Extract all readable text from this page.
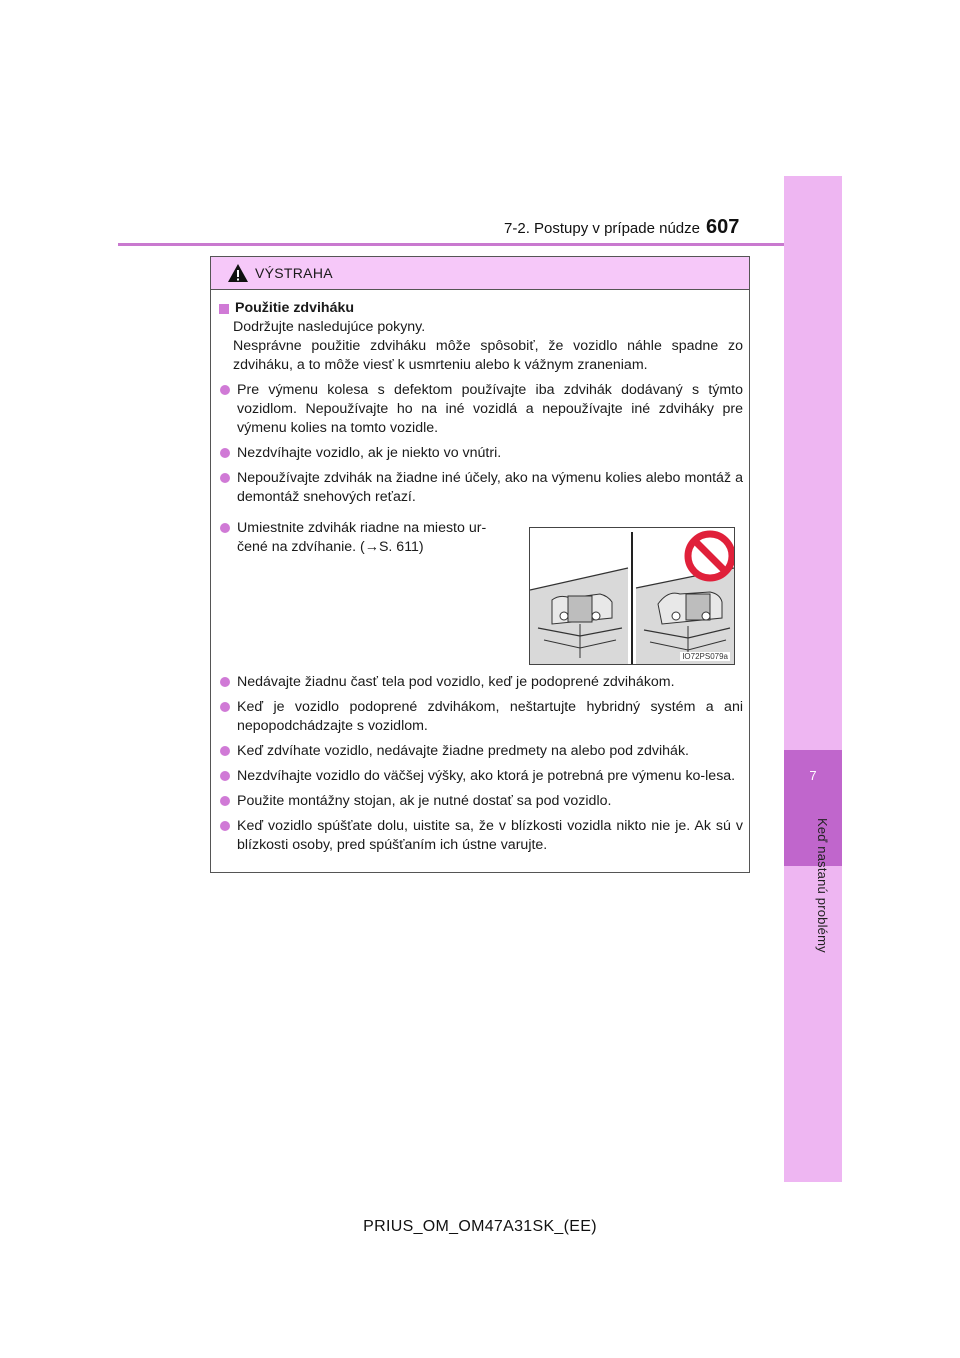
7
Keď nastanú problémy
7-2. Postupy v prípade núdze 607
VÝSTRAHA
Použitie zdviháku
Dodržujte nasledujúce pokyny.
Nesprávne použitie zdviháku môže spôsobiť, že vozidlo náhle spadne zo zdviháku, a to môže viesť k usmrteniu alebo k vážnym zraneniam.
Pre výmenu kolesa s defektom používajte iba zdvihák dodávaný s týmto vozidlom. Nepoužívajte ho na iné vozidlá a nepoužívajte iné zdviháky pre výmenu kolies na tomto vozidle.
Nezdvíhajte vozidlo, ak je niekto vo vnútri.
Nepoužívajte zdvihák na žiadne iné účely, ako na výmenu kolies alebo montáž a demontáž snehových reťazí.
Umiestnite zdvihák riadne na miesto ur-čené na zdvíhanie. (→S. 611)
IO72PS079a
Nedávajte žiadnu časť tela pod vozidlo, keď je podoprené zdvihákom.
Keď je vozidlo podoprené zdvihákom, neštartujte hybridný systém a ani nepopodchádzajte s vozidlom.
Keď zdvíhate vozidlo, nedávajte žiadne predmety na alebo pod zdvihák.
Nezdvíhajte vozidlo do väčšej výšky, ako ktorá je potrebná pre výmenu ko-lesa.
Použite montážny stojan, ak je nutné dostať sa pod vozidlo.
Keď vozidlo spúšťate dolu, uistite sa, že v blízkosti vozidla nikto nie je. Ak sú v blízkosti osoby, pred spúšťaním ich ústne varujte.
PRIUS_OM_OM47A31SK_(EE)
